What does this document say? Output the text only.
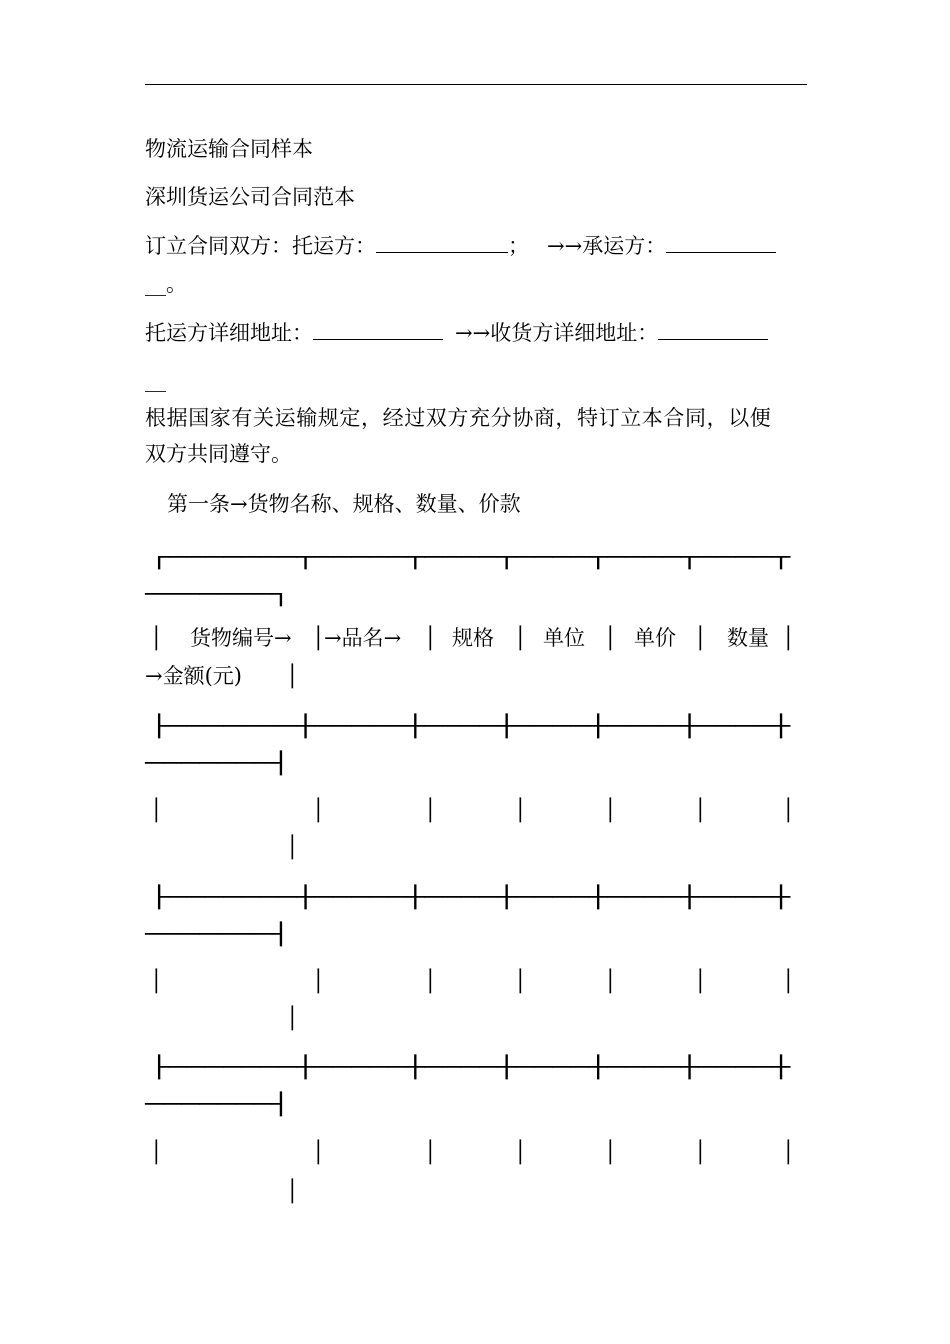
物流运输合同样本
深圳货运公司合同范本
订立合同双方：托运方：	； →→承运方：
__。
托运方详细地址：	→→收货方详细地址：
__
根据国家有关运输规定，经过双方充分协商，特订立本合同，以便
双方共同遵守。
第一条→货物名称、规格、数量、价款
┌───────┬─────┬────┬────┬────┬────┬
───────┐
│ 货物编号→ │ →品名→ │ 规格 │ 单位 │ 单价 │ 数量 │
→金额(元) │
├───────┼─────┼────┼────┼────┼────┼
───────┤
│	│	│	│	│	│	│
│
├───────┼─────┼────┼────┼────┼────┼
───────┤
│	│	│	│	│	│	│
│
├───────┼─────┼────┼────┼────┼────┼
───────┤
│	│	│	│	│	│	│
│
